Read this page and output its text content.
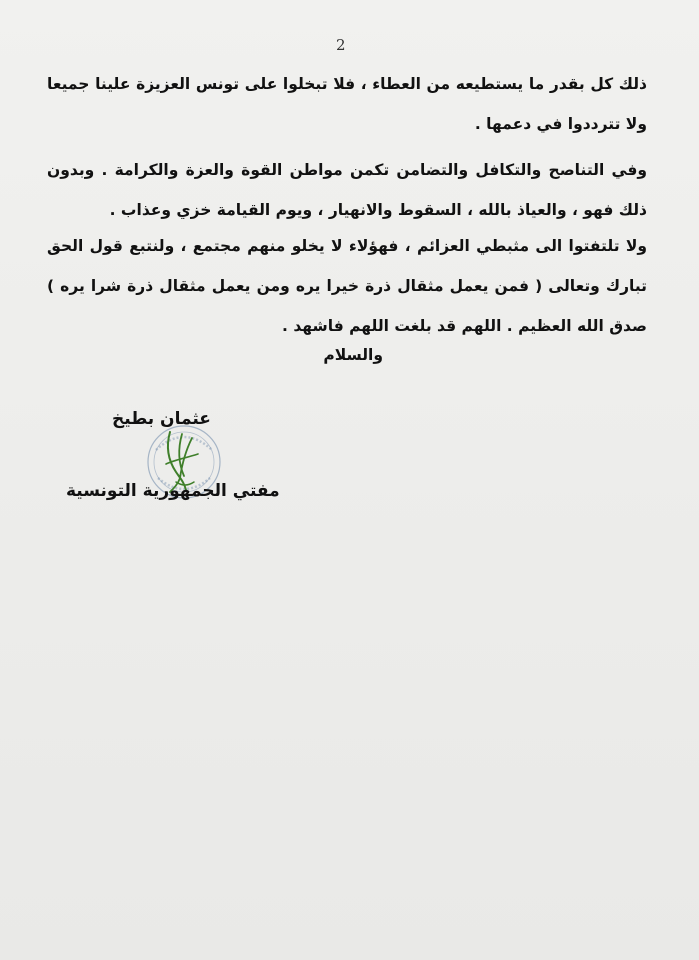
2

ذلك كل بقدر ما يستطيعه من العطاء ، فلا تبخلوا على تونس العزيزة علينا جميعا ولا تترددوا في دعمها .

وفي التناصح والتكافل والتضامن تكمن مواطن القوة والعزة والكرامة . وبدون ذلك فهو ، والعياذ بالله ، السقوط والانهيار ، ويوم القيامة خزي وعذاب .

ولا تلتفتوا الى مثبطي العزائم ، فهؤلاء لا يخلو منهم مجتمع ، ولنتبع قول الحق تبارك وتعالى ( فمن يعمل مثقال ذرة خيرا يره ومن يعمل مثقال ذرة شرا يره ) صدق الله العظيم . اللهم قد بلغت اللهم فاشهد .

والسلام
عثمان بطيخ
مفتي الجمهورية التونسية
